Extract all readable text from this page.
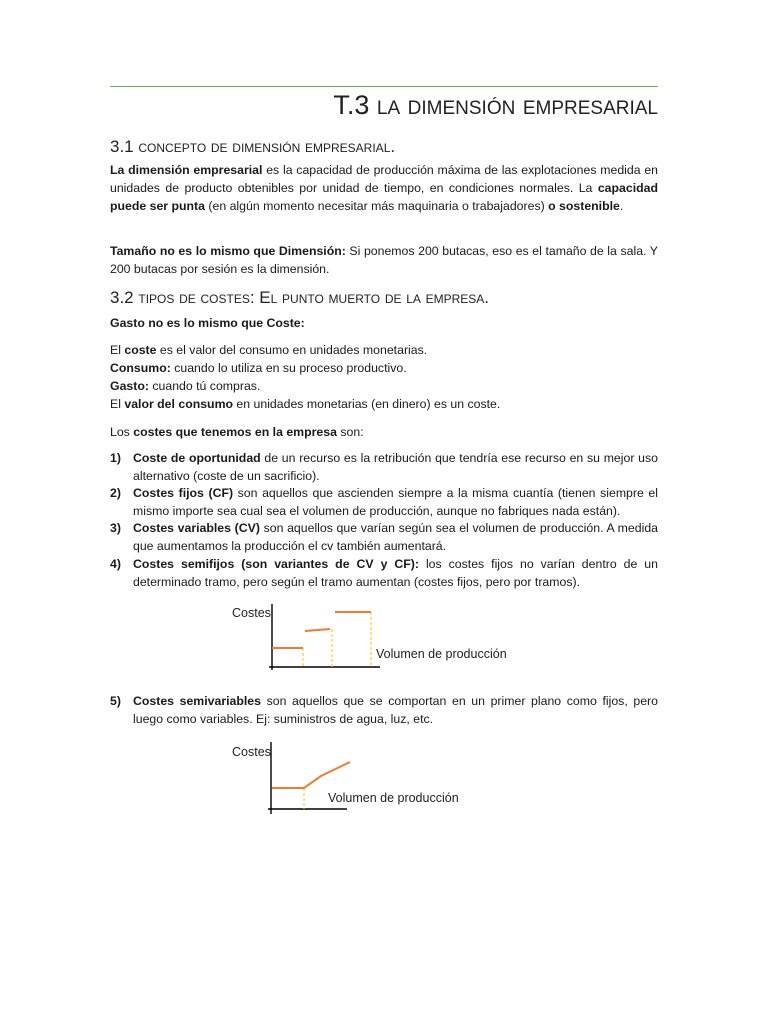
T.3 la dimensión empresarial
3.1 concepto de dimensión empresarial.

La dimensión empresarial es la capacidad de producción máxima de las explotaciones medida en unidades de producto obtenibles por unidad de tiempo, en condiciones normales. La capacidad puede ser punta (en algún momento necesitar más maquinaria o trabajadores) o sostenible.

Tamaño no es lo mismo que Dimensión: Si ponemos 200 butacas, eso es el tamaño de la sala. Y 200 butacas por sesión es la dimensión.

3.2 tipos de costes: El punto muerto de la empresa.

Gasto no es lo mismo que Coste:

El coste es el valor del consumo en unidades monetarias.

Consumo: cuando lo utiliza en su proceso productivo.

Gasto: cuando tú compras.

El valor del consumo en unidades monetarias (en dinero) es un coste.

Los costes que tenemos en la empresa son:

1) Coste de oportunidad de un recurso es la retribución que tendría ese recurso en su mejor uso alternativo (coste de un sacrificio).
2) Costes fijos (CF) son aquellos que ascienden siempre a la misma cuantía (tienen siempre el mismo importe sea cual sea el volumen de producción, aunque no fabriques nada están).
3) Costes variables (CV) son aquellos que varían según sea el volumen de producción. A medida que aumentamos la producción el cv también aumentará.
4) Costes semifijos (son variantes de CV y CF): los costes fijos no varían dentro de un determinado tramo, pero según el tramo aumentan (costes fijos, pero por tramos).
5) Costes semivariables son aquellos que se comportan en un primer plano como fijos, pero luego como variables. Ej: suministros de agua, luz, etc.
Costes
Volumen de producción
Costes
Volumen de producción
